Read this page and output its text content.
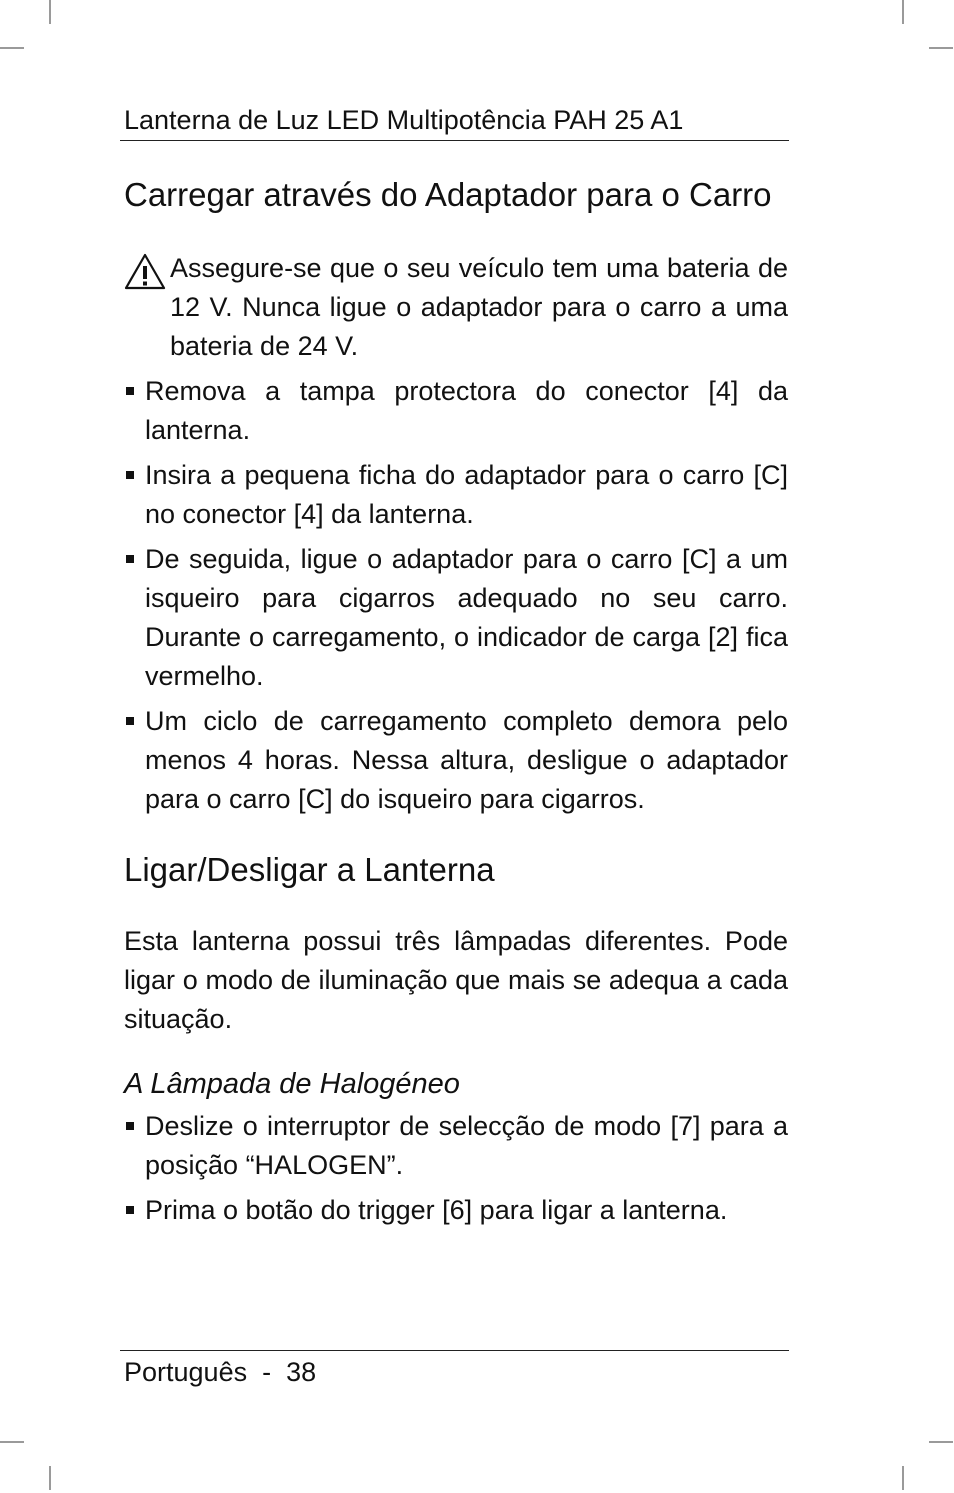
Lanterna de Luz LED Multipotência PAH 25 A1
Carregar através do Adaptador para o Carro
Assegure-se que o seu veículo tem uma bateria de 12 V. Nunca ligue o adaptador para o carro a uma bateria de 24 V.
Remova a tampa protectora do conector [4] da lanterna.
Insira a pequena ficha do adaptador para o carro [C] no conector [4] da lanterna.
De seguida, ligue o adaptador para o carro [C] a um isqueiro para cigarros adequado no seu carro. Durante o carregamento, o indicador de carga [2] fica vermelho.
Um ciclo de carregamento completo demora pelo menos 4 horas. Nessa altura, desligue o adaptador para o carro [C] do isqueiro para cigarros.
Ligar/Desligar a Lanterna

Esta lanterna possui três lâmpadas diferentes. Pode ligar o modo de iluminação que mais se adequa a cada situação.

A Lâmpada de Halogéneo
Deslize o interruptor de selecção de modo [7] para a posição “HALOGEN”.
Prima o botão do trigger [6] para ligar a lanterna.
Português - 38
